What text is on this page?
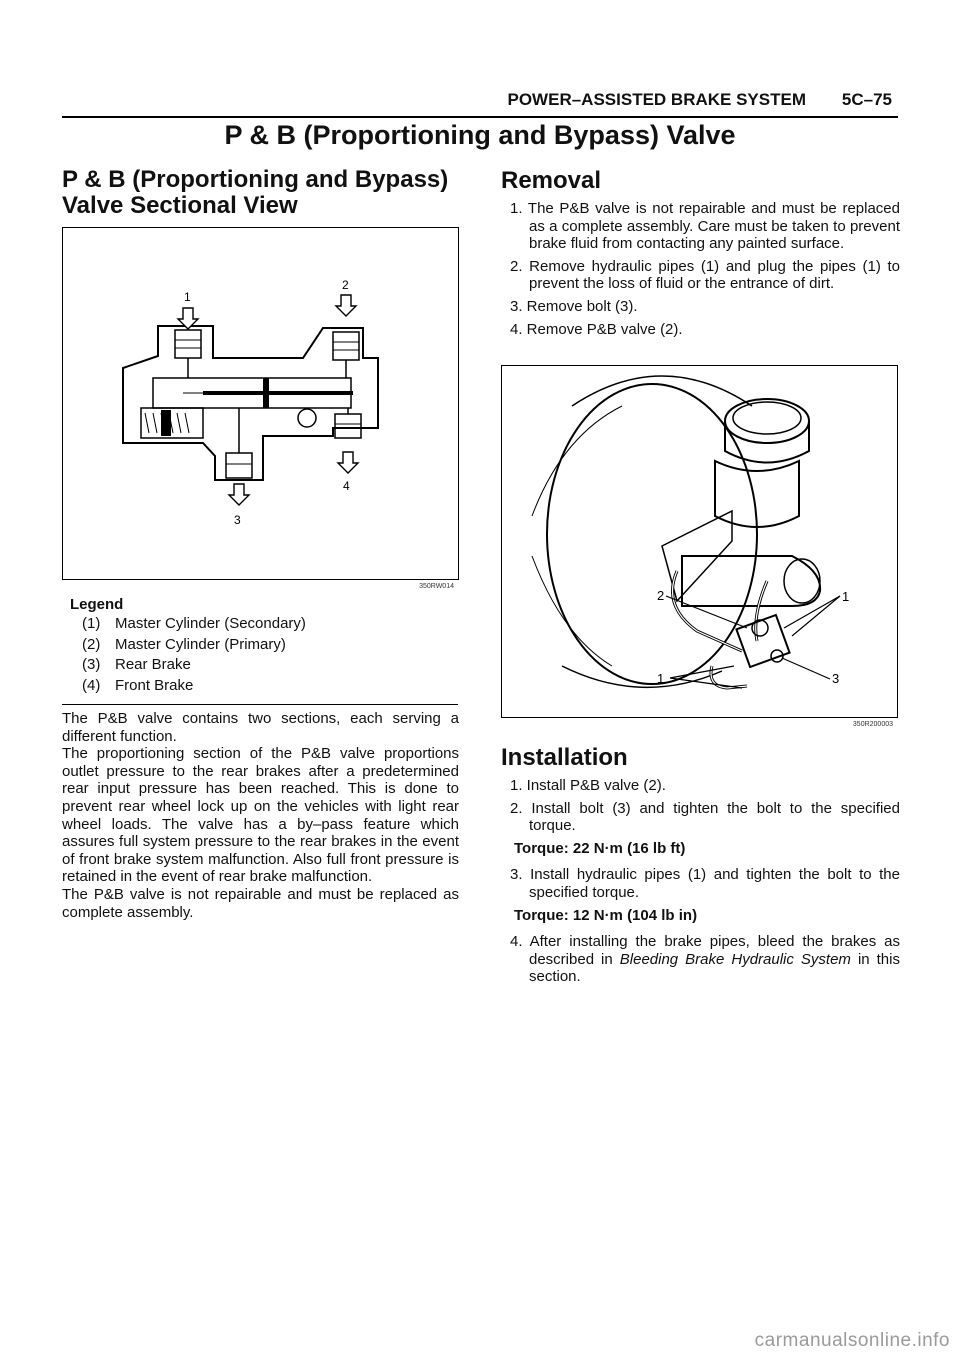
POWER–ASSISTED BRAKE SYSTEM 5C–75
P & B (Proportioning and Bypass) Valve
P & B (Proportioning and Bypass) Valve Sectional View
1
2
3
4
350RW014
Legend
(1) Master Cylinder (Secondary)
(2) Master Cylinder (Primary)
(3) Rear Brake
(4) Front Brake

The P&B valve contains two sections, each serving a different function.

The proportioning section of the P&B valve proportions outlet pressure to the rear brakes after a predetermined rear input pressure has been reached. This is done to prevent rear wheel lock up on the vehicles with light rear wheel loads. The valve has a by–pass feature which assures full system pressure to the rear brakes in the event of front brake system malfunction. Also full front pressure is retained in the event of rear brake malfunction.

The P&B valve is not repairable and must be replaced as complete assembly.

Removal
1. The P&B valve is not repairable and must be replaced as a complete assembly. Care must be taken to prevent brake fluid from contacting any painted surface.
2. Remove hydraulic pipes (1) and plug the pipes (1) to prevent the loss of fluid or the entrance of dirt.
3. Remove bolt (3).
4. Remove P&B valve (2).
2	1
1	3
350R200003
Installation
1. Install P&B valve (2).
2. Install bolt (3) and tighten the bolt to the specified torque.
Torque: 22 N·m (16 lb ft)
3. Install hydraulic pipes (1) and tighten the bolt to the specified torque.
Torque: 12 N·m (104 lb in)
4. After installing the brake pipes, bleed the brakes as described in Bleeding Brake Hydraulic System in this section.
carmanualsonline.info
